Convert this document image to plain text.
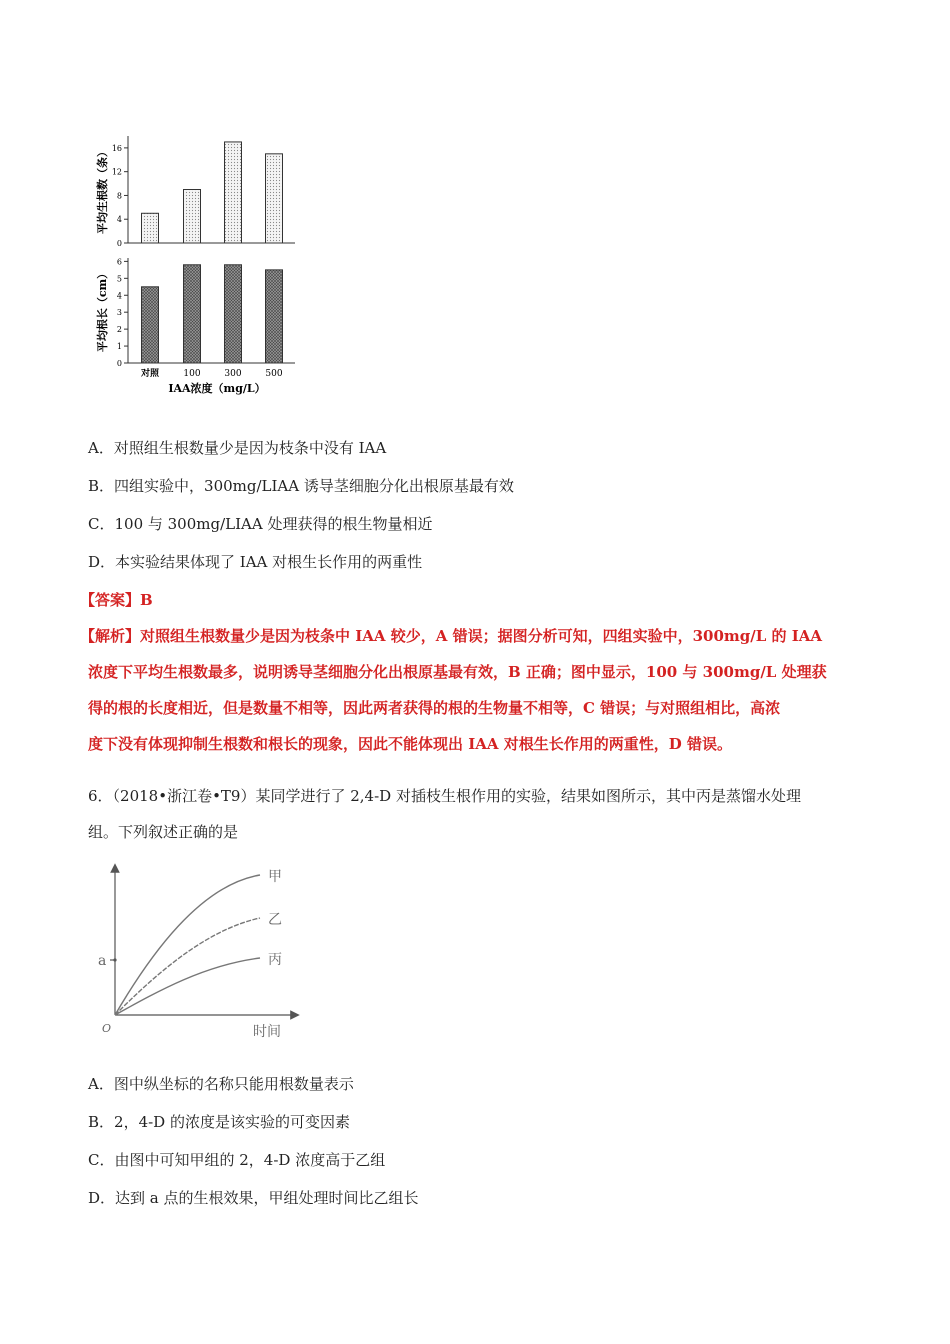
0
4
8
12
16
平均生根数（条）
0
1
2
3
4
5
6
平均根长（cm）
对照	100	300	500
IAA浓度（mg/L）
A．对照组生根数量少是因为枝条中没有 IAA
B．四组实验中，300mg/LIAA 诱导茎细胞分化出根原基最有效
C．100 与 300mg/LIAA 处理获得的根生物量相近
D．本实验结果体现了 IAA 对根生长作用的两重性
【答案】B
【解析】对照组生根数量少是因为枝条中 IAA 较少，A 错误；据图分析可知，四组实验中，300mg/L 的 IAA
浓度下平均生根数最多，说明诱导茎细胞分化出根原基最有效，B 正确；图中显示，100 与 300mg/L 处理获
得的根的长度相近，但是数量不相等，因此两者获得的根的生物量不相等，C 错误；与对照组相比，高浓
度下没有体现抑制生根数和根长的现象，因此不能体现出 IAA 对根生长作用的两重性，D 错误。
6．（2018•浙江卷•T9）某同学进行了 2,4-D 对插枝生根作用的实验，结果如图所示，其中丙是蒸馏水处理
组。下列叙述正确的是
a
甲
乙
丙
O	时间
A．图中纵坐标的名称只能用根数量表示
B．2，4-D 的浓度是该实验的可变因素
C．由图中可知甲组的 2，4-D 浓度高于乙组
D．达到 a 点的生根效果，甲组处理时间比乙组长
